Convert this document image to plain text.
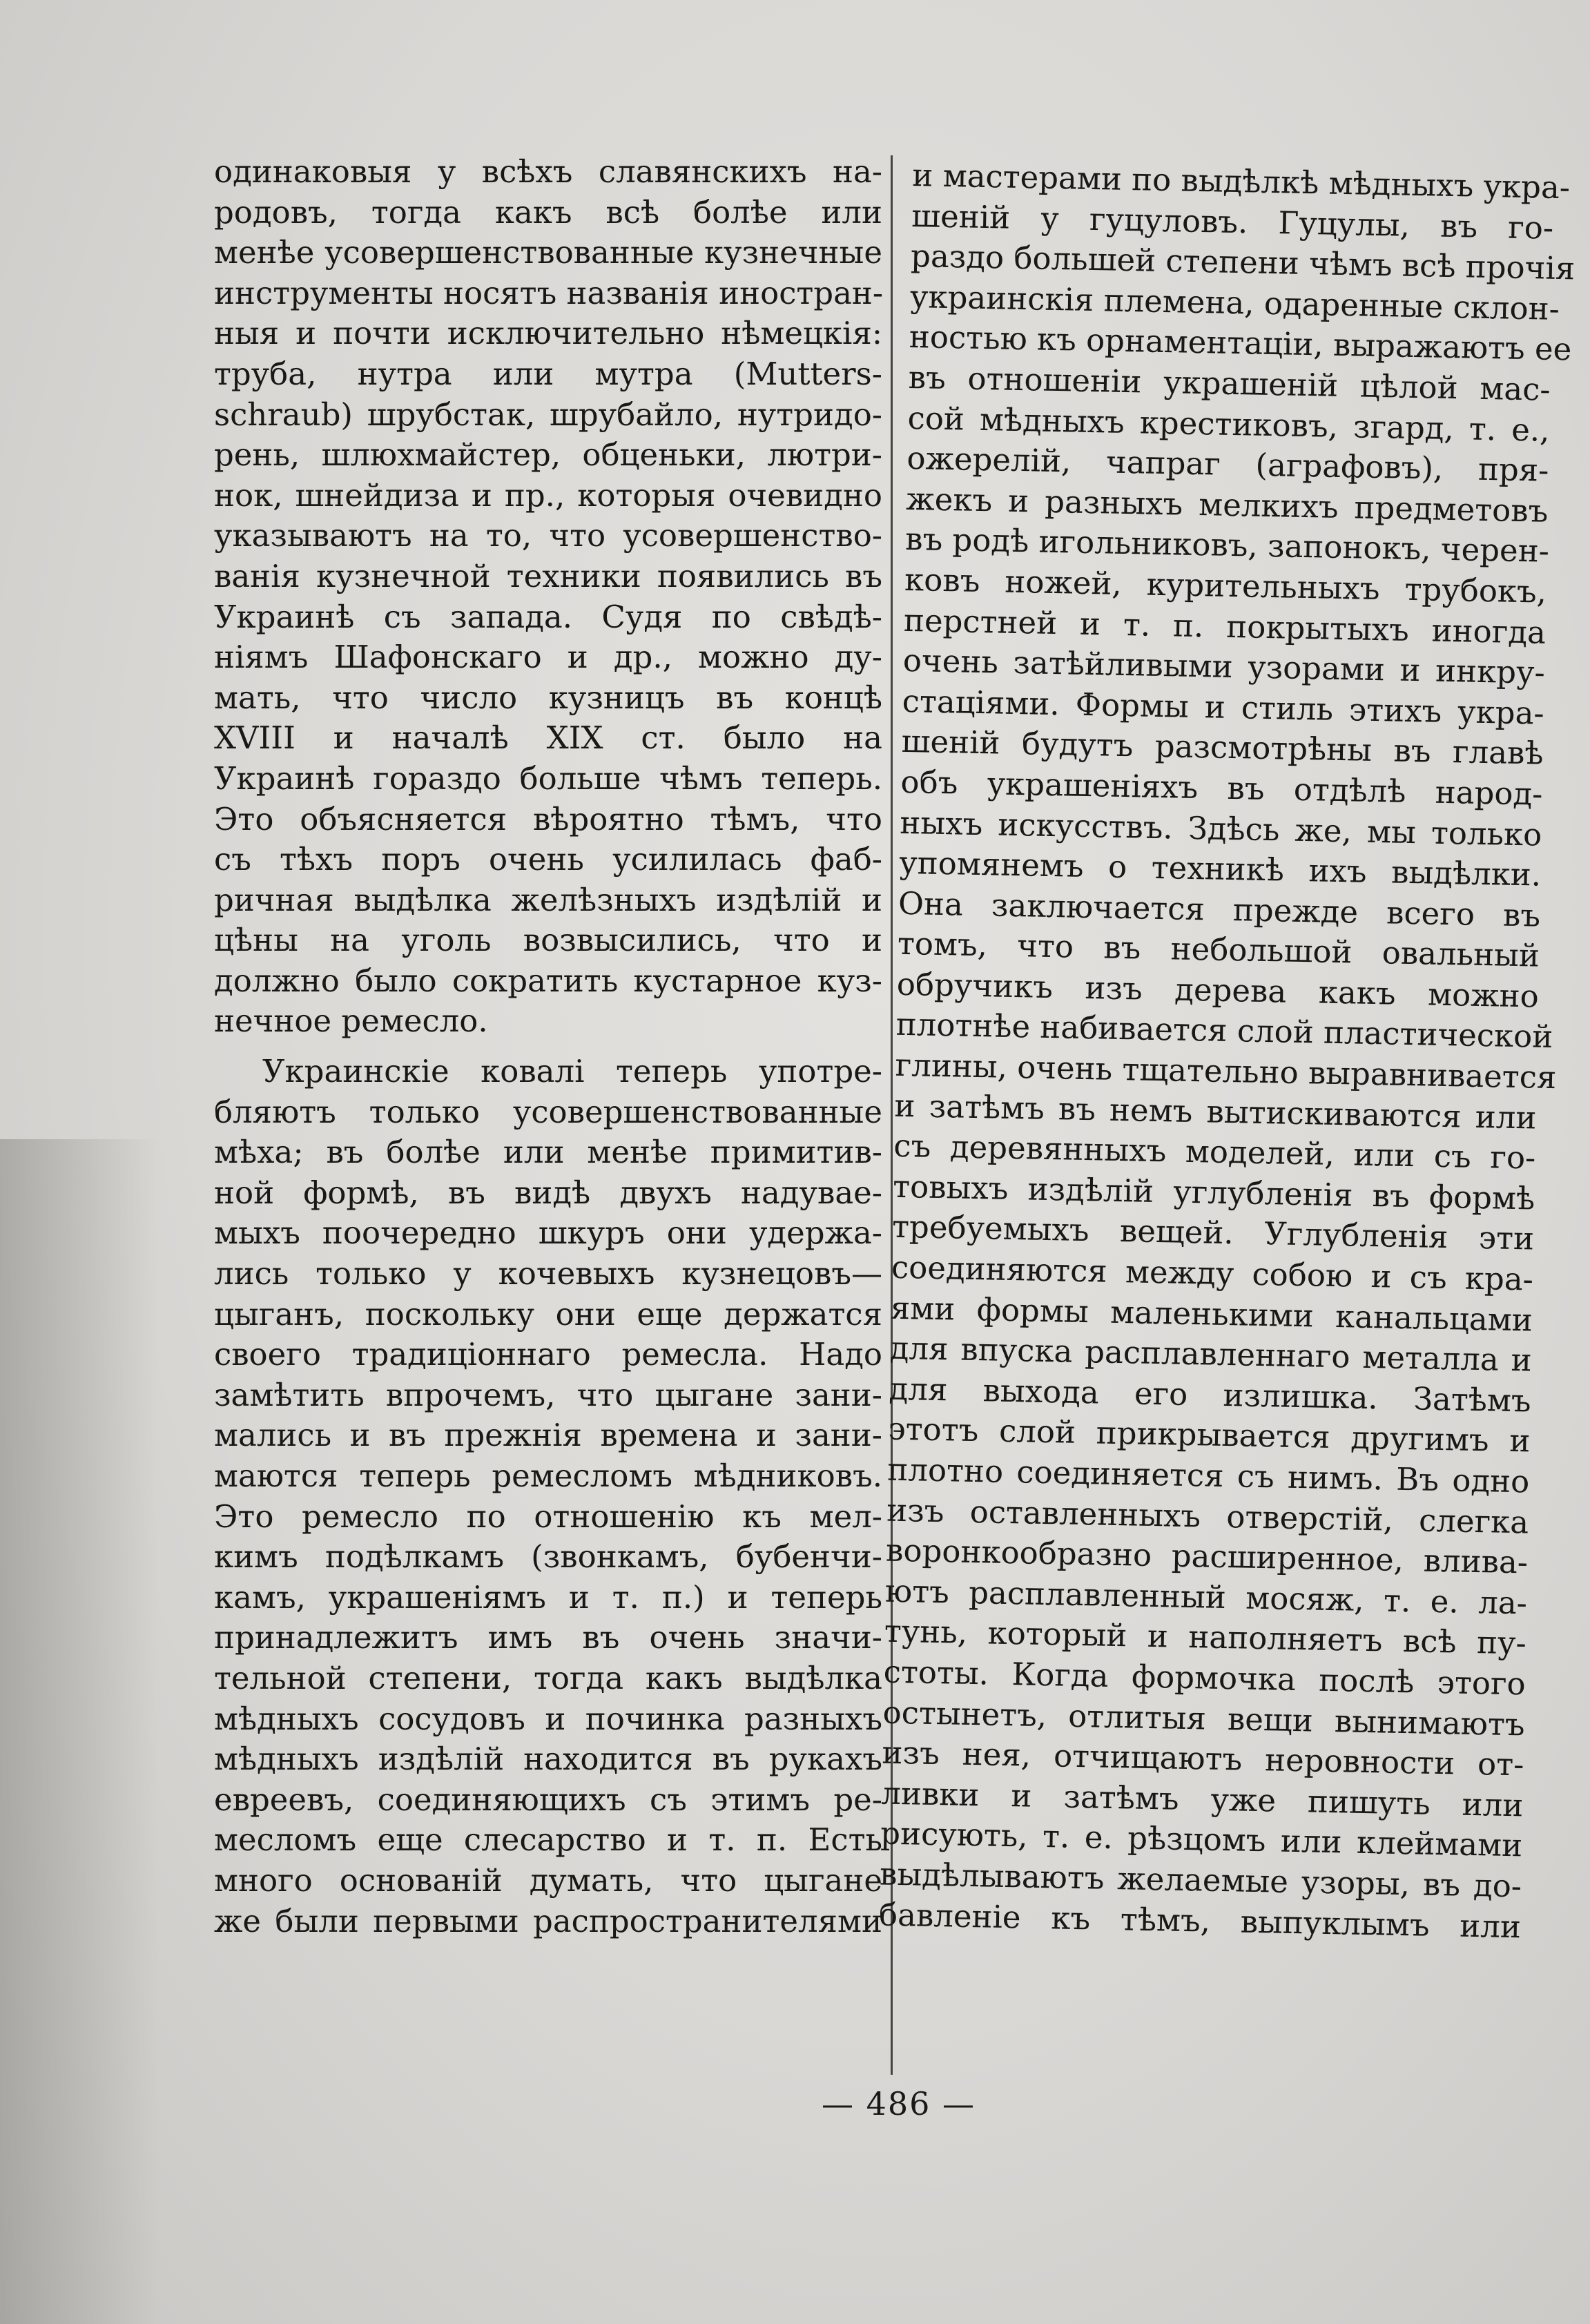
одинаковыя у всѣхъ славянскихъ на-
родовъ, тогда какъ всѣ болѣе или
менѣе усовершенствованные кузнечные
инструменты носятъ названія иностран-
ныя и почти исключительно нѣмецкія:
труба, нутра или мутра (Mutters-
schraub) шрубстак, шрубайло, нутридо-
рень, шлюхмайстер, обценьки, лютри-
нок, шнейдиза и пр., которыя очевидно
указываютъ на то, что усовершенство-
ванія кузнечной техники появились въ
Украинѣ съ запада. Судя по свѣдѣ-
ніямъ Шафонскаго и др., можно ду-
мать, что число кузницъ въ концѣ
XVIII и началѣ XIX ст. было на
Украинѣ гораздо больше чѣмъ теперь.
Это объясняется вѣроятно тѣмъ, что
съ тѣхъ поръ очень усилилась фаб-
ричная выдѣлка желѣзныхъ издѣлій и
цѣны на уголь возвысились, что и
должно было сократить кустарное куз-
нечное ремесло.
Украинскіе ковалі теперь употре-
бляютъ только усовершенствованные
мѣха; въ болѣе или менѣе примитив-
ной формѣ, въ видѣ двухъ надувае-
мыхъ поочередно шкуръ они удержа-
лись только у кочевыхъ кузнецовъ—
цыганъ, поскольку они еще держатся
своего традиціоннаго ремесла. Надо
замѣтить впрочемъ, что цыгане зани-
мались и въ прежнія времена и зани-
маются теперь ремесломъ мѣдниковъ.
Это ремесло по отношенію къ мел-
кимъ подѣлкамъ (звонкамъ, бубенчи-
камъ, украшеніямъ и т. п.) и теперь
принадлежитъ имъ въ очень значи-
тельной степени, тогда какъ выдѣлка
мѣдныхъ сосудовъ и починка разныхъ
мѣдныхъ издѣлій находится въ рукахъ
евреевъ, соединяющихъ съ этимъ ре-
месломъ еще слесарство и т. п. Есть
много основаній думать, что цыгане
же были первыми распространителями
и мастерами по выдѣлкѣ мѣдныхъ укра-
шеній у гуцуловъ. Гуцулы, въ го-
раздо большей степени чѣмъ всѣ прочія
украинскія племена, одаренные склон-
ностью къ орнаментаціи, выражаютъ ее
въ отношеніи украшеній цѣлой мас-
сой мѣдныхъ крестиковъ, згард, т. е.,
ожерелій, чапраг (аграфовъ), пря-
жекъ и разныхъ мелкихъ предметовъ
въ родѣ игольниковъ, запонокъ, черен-
ковъ ножей, курительныхъ трубокъ,
перстней и т. п. покрытыхъ иногда
очень затѣйливыми узорами и инкру-
стаціями. Формы и стиль этихъ укра-
шеній будутъ разсмотрѣны въ главѣ
объ украшеніяхъ въ отдѣлѣ народ-
ныхъ искусствъ. Здѣсь же, мы только
упомянемъ о техникѣ ихъ выдѣлки.
Она заключается прежде всего въ
томъ, что въ небольшой овальный
обручикъ изъ дерева какъ можно
плотнѣе набивается слой пластической
глины, очень тщательно выравнивается
и затѣмъ въ немъ вытискиваются или
съ деревянныхъ моделей, или съ го-
товыхъ издѣлій углубленія въ формѣ
требуемыхъ вещей. Углубленія эти
соединяются между собою и съ кра-
ями формы маленькими канальцами
для впуска расплавленнаго металла и
для выхода его излишка. Затѣмъ
этотъ слой прикрывается другимъ и
плотно соединяется съ нимъ. Въ одно
изъ оставленныхъ отверстій, слегка
воронкообразно расширенное, влива-
ютъ расплавленный мосяж, т. е. ла-
тунь, который и наполняетъ всѣ пу-
стоты. Когда формочка послѣ этого
остынетъ, отлитыя вещи вынимаютъ
изъ нея, отчищаютъ неровности от-
ливки и затѣмъ уже пишуть или
рисують, т. е. рѣзцомъ или клеймами
выдѣлываютъ желаемые узоры, въ до-
бавленіе къ тѣмъ, выпуклымъ или
— 486 —
